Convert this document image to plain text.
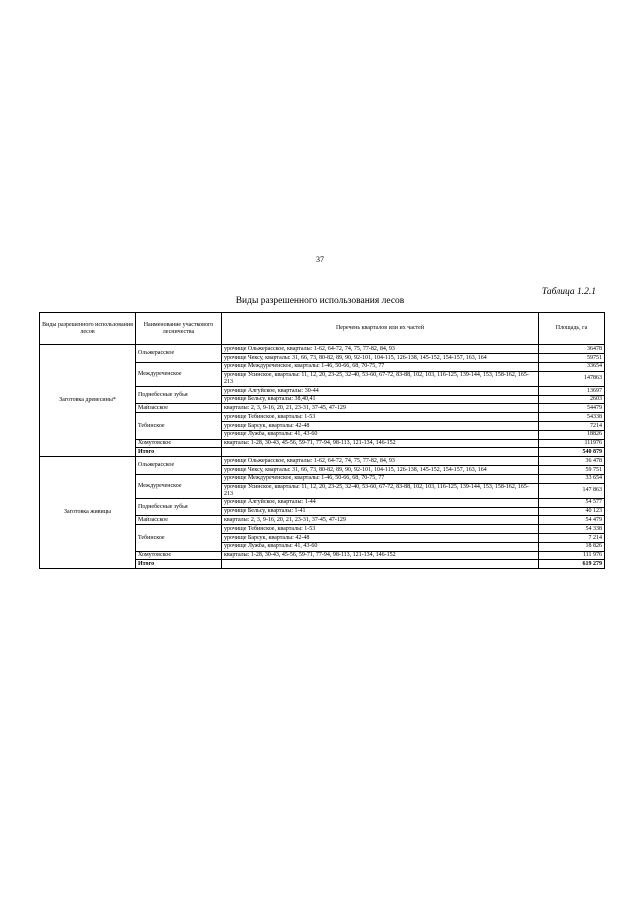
37
Таблица 1.2.1
Виды разрешенного использования лесов
Виды разрешенного использования лесов	Наименование участкового лесничества	Перечень кварталов или их частей	Площадь, га
Заготовка древесины*	Ольжерасское	урочище Ольжерасское, кварталы: 1-62, 64-72, 74, 75, 77-82, 84, 93	36478
		урочище Чексу, кварталы: 31, 66, 73, 80-82, 89, 90, 92-101, 104-115, 126-138, 145-152, 154-157, 163, 164	59751
	Междуреченское	урочище Междуреченское, кварталы: 1-46, 50-66, 68, 70-75, 77	33654
		урочище Усинское, кварталы: 11, 12, 20, 23-25, 32-40, 53-60, 67-72, 83-88, 102, 103, 116-125, 139-144, 153, 158-162, 165-213	147863
	Поднебесные зубья	урочище Алгуйское, кварталы: 30-44	13697
		урочище Бельсу, кварталы: 38,40,41	2603
	Майзасское	кварталы: 2, 3, 9-16, 20, 21, 23-31, 37-45, 47-129	54479
	Тебинское	урочище Тебинское, кварталы: 1-53	54338
		урочище Барсук, кварталы: 42-48	7214
		урочище Лужба, кварталы: 41, 43-60	18826
	Хомутовское	кварталы: 1-28, 30-43, 45-56, 59-71, 77-94, 98-113, 121-134, 146-152	111976
	Итого		540 879
Заготовка живицы	Ольжерасское	урочище Ольжерасское, кварталы: 1-62, 64-72, 74, 75, 77-82, 84, 93	36 478
		урочище Чексу, кварталы: 31, 66, 73, 80-82, 89, 90, 92-101, 104-115, 126-138, 145-152, 154-157, 163, 164	59 751
	Междуреченское	урочище Междуреченское, кварталы: 1-46, 50-66, 68, 70-75, 77	33 654
		урочище Усинское, кварталы: 11, 12, 20, 23-25, 32-40, 53-60, 67-72, 83-88, 102, 103, 116-125, 139-144, 153, 158-162, 165-213	147 863
	Поднебесные зубья	урочище Алгуйское, кварталы: 1-44	54 577
		урочище Бельсу, кварталы: 1-41	40 123
	Майзасское	кварталы: 2, 3, 9-16, 20, 21, 23-31, 37-45, 47-129	54 479
	Тебинское	урочище Тебинское, кварталы: 1-53	54 338
		урочище Барсук, кварталы: 42-48	7 214
		урочище Лужба, кварталы: 41, 43-60	18 826
	Хомутовское	кварталы: 1-28, 30-43, 45-56, 59-71, 77-94, 98-113, 121-134, 146-152	111 976
	Итого		619 279
